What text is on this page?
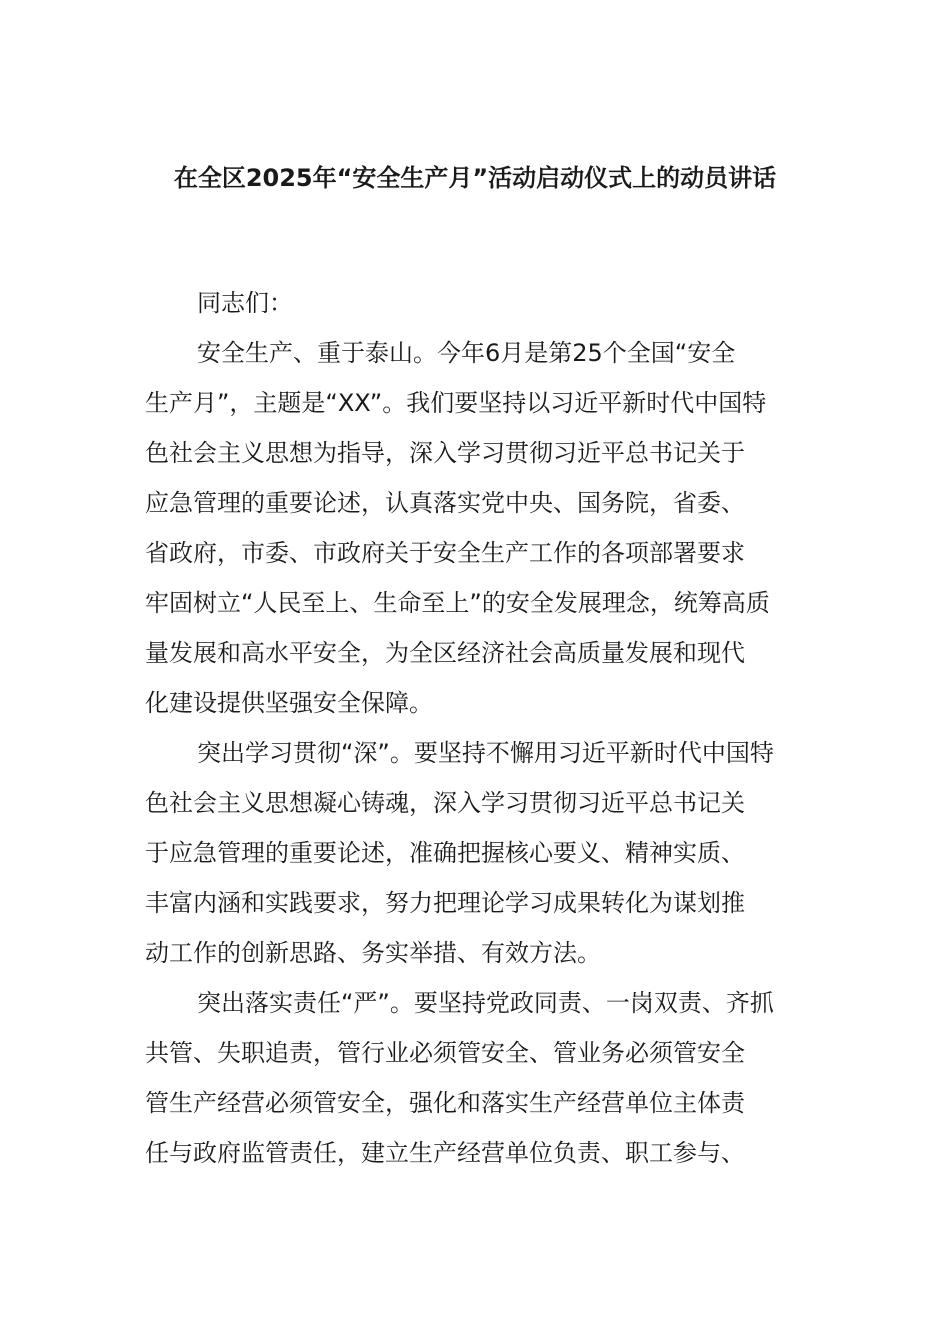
在全区2025年“安全生产月”活动启动仪式上的动员讲话

同志们：

安全生产、重于泰山。今年6月是第25个全国“安全
生产月”，主题是“XX”。我们要坚持以习近平新时代中国特
色社会主义思想为指导，深入学习贯彻习近平总书记关于
应急管理的重要论述，认真落实党中央、国务院，省委、
省政府，市委、市政府关于安全生产工作的各项部署要求
牢固树立“人民至上、生命至上”的安全发展理念，统筹高质
量发展和高水平安全，为全区经济社会高质量发展和现代
化建设提供坚强安全保障。

突出学习贯彻“深”。要坚持不懈用习近平新时代中国特
色社会主义思想凝心铸魂，深入学习贯彻习近平总书记关
于应急管理的重要论述，准确把握核心要义、精神实质、
丰富内涵和实践要求，努力把理论学习成果转化为谋划推
动工作的创新思路、务实举措、有效方法。

突出落实责任“严”。要坚持党政同责、一岗双责、齐抓
共管、失职追责，管行业必须管安全、管业务必须管安全
管生产经营必须管安全，强化和落实生产经营单位主体责
任与政府监管责任，建立生产经营单位负责、职工参与、
